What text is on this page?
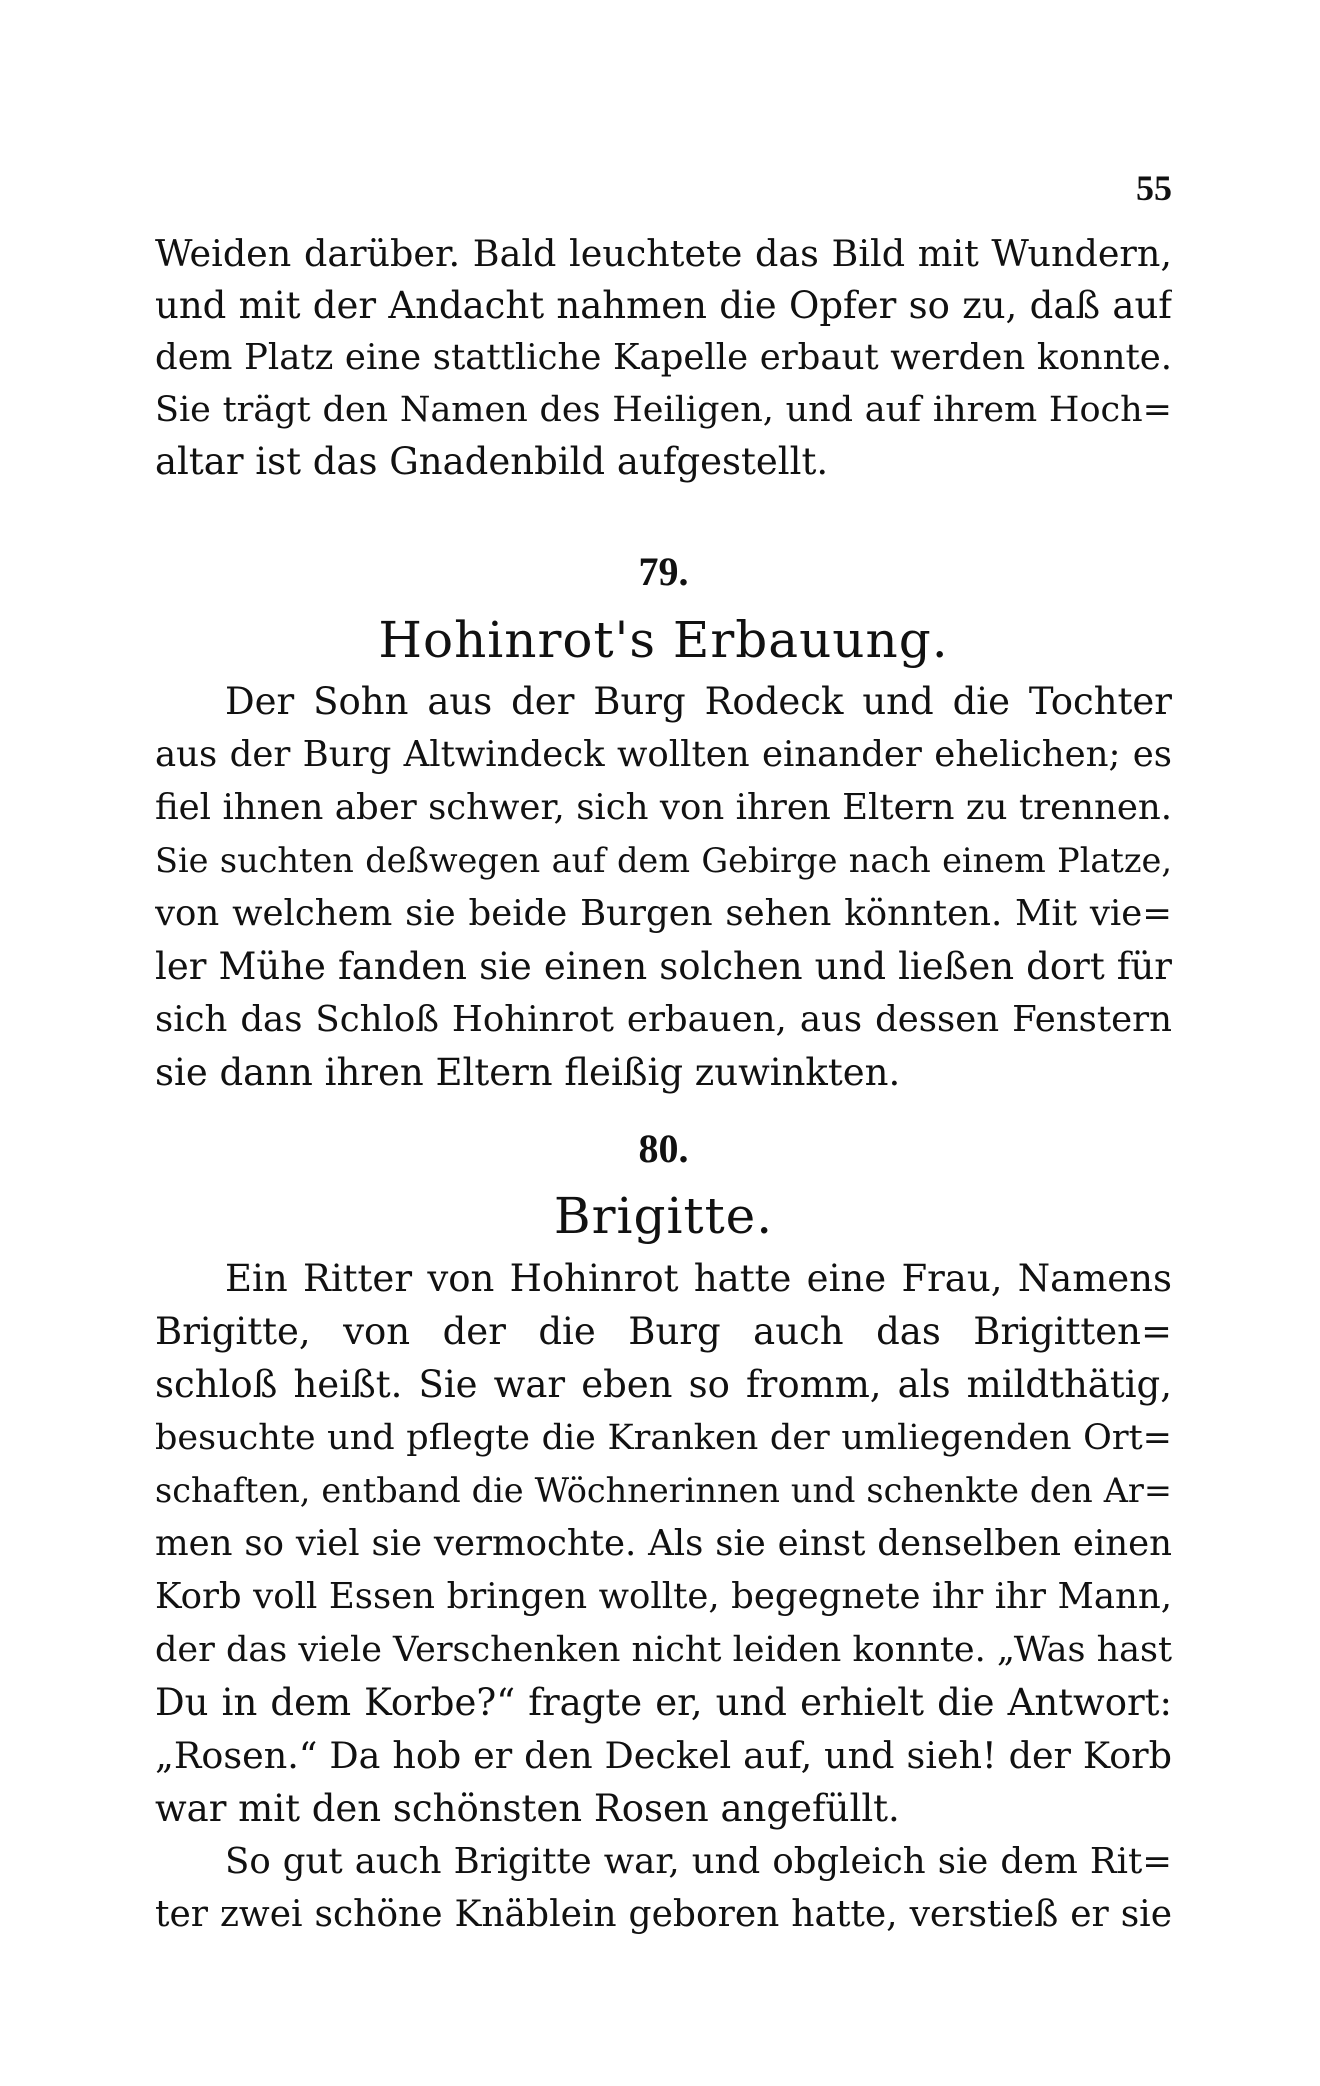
55
Weiden darüber. Bald leuchtete das Bild mit Wundern,
und mit der Andacht nahmen die Opfer so zu, daß auf
dem Platz eine stattliche Kapelle erbaut werden konnte.
Sie trägt den Namen des Heiligen, und auf ihrem Hoch=
altar ist das Gnadenbild aufgestellt.
79.
Hohinrot's Erbauung.
Der Sohn aus der Burg Rodeck und die Tochter
aus der Burg Altwindeck wollten einander ehelichen; es
fiel ihnen aber schwer, sich von ihren Eltern zu trennen.
Sie suchten deßwegen auf dem Gebirge nach einem Platze,
von welchem sie beide Burgen sehen könnten. Mit vie=
ler Mühe fanden sie einen solchen und ließen dort für
sich das Schloß Hohinrot erbauen, aus dessen Fenstern
sie dann ihren Eltern fleißig zuwinkten.
80.
Brigitte.
Ein Ritter von Hohinrot hatte eine Frau, Namens
Brigitte, von der die Burg auch das Brigitten=
schloß heißt. Sie war eben so fromm, als mildthätig,
besuchte und pflegte die Kranken der umliegenden Ort=
schaften, entband die Wöchnerinnen und schenkte den Ar=
men so viel sie vermochte. Als sie einst denselben einen
Korb voll Essen bringen wollte, begegnete ihr ihr Mann,
der das viele Verschenken nicht leiden konnte. „Was hast
Du in dem Korbe?“ fragte er, und erhielt die Antwort:
„Rosen.“ Da hob er den Deckel auf, und sieh! der Korb
war mit den schönsten Rosen angefüllt.
So gut auch Brigitte war, und obgleich sie dem Rit=
ter zwei schöne Knäblein geboren hatte, verstieß er sie
